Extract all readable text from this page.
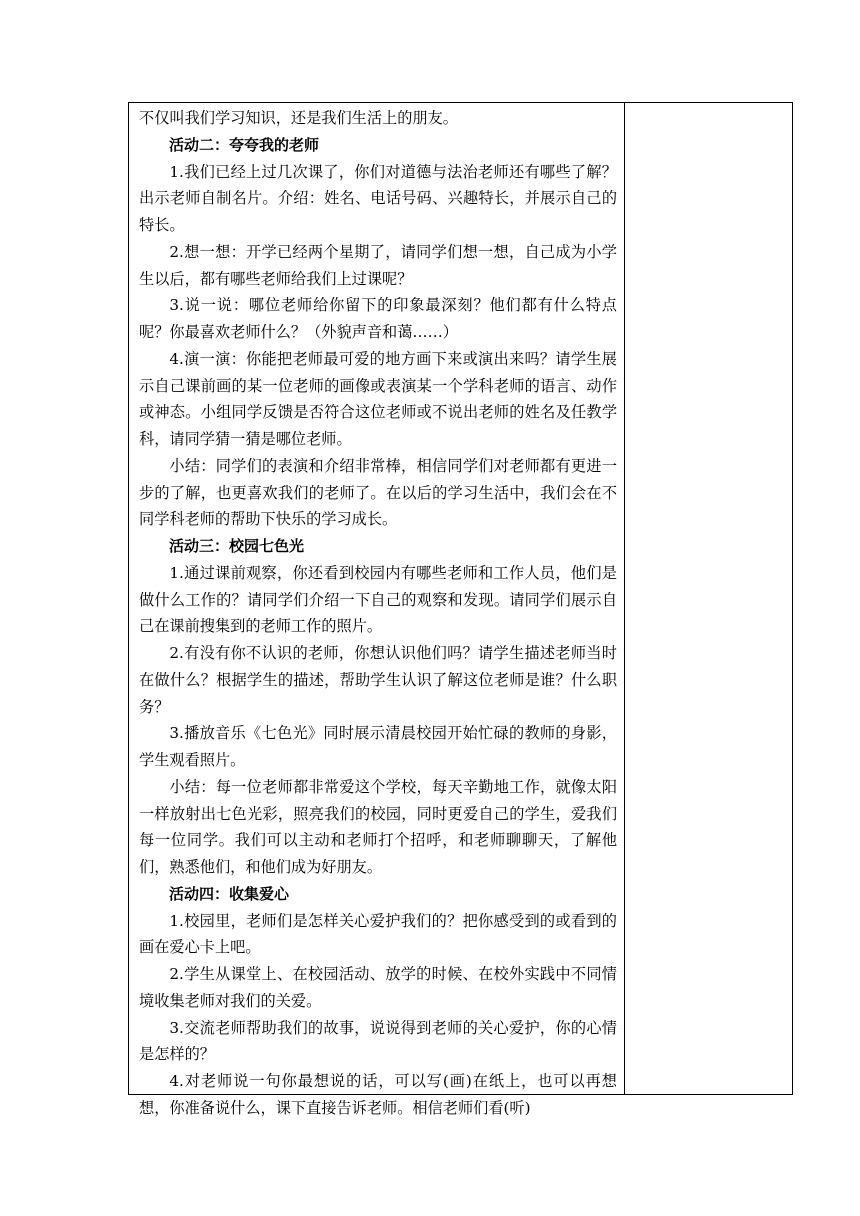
不仅叫我们学习知识，还是我们生活上的朋友。

活动二：夸夸我的老师

1.我们已经上过几次课了，你们对道德与法治老师还有哪些了解？出示老师自制名片。介绍：姓名、电话号码、兴趣特长，并展示自己的特长。

2.想一想：开学已经两个星期了，请同学们想一想，自己成为小学生以后，都有哪些老师给我们上过课呢？

3.说一说：哪位老师给你留下的印象最深刻？他们都有什么特点呢？你最喜欢老师什么？（外貌声音和蔼……）

4.演一演：你能把老师最可爱的地方画下来或演出来吗？请学生展示自己课前画的某一位老师的画像或表演某一个学科老师的语言、动作或神态。小组同学反馈是否符合这位老师或不说出老师的姓名及任教学科，请同学猜一猜是哪位老师。

小结：同学们的表演和介绍非常棒，相信同学们对老师都有更进一步的了解，也更喜欢我们的老师了。在以后的学习生活中，我们会在不同学科老师的帮助下快乐的学习成长。

活动三：校园七色光

1.通过课前观察，你还看到校园内有哪些老师和工作人员，他们是做什么工作的？请同学们介绍一下自己的观察和发现。请同学们展示自己在课前搜集到的老师工作的照片。

2.有没有你不认识的老师，你想认识他们吗？请学生描述老师当时在做什么？根据学生的描述，帮助学生认识了解这位老师是谁？什么职务？

3.播放音乐《七色光》同时展示清晨校园开始忙碌的教师的身影，学生观看照片。

小结：每一位老师都非常爱这个学校，每天辛勤地工作，就像太阳一样放射出七色光彩，照亮我们的校园，同时更爱自己的学生，爱我们每一位同学。我们可以主动和老师打个招呼，和老师聊聊天，了解他们，熟悉他们，和他们成为好朋友。

活动四：收集爱心

1.校园里，老师们是怎样关心爱护我们的？把你感受到的或看到的画在爱心卡上吧。

2.学生从课堂上、在校园活动、放学的时候、在校外实践中不同情境收集老师对我们的关爱。

3.交流老师帮助我们的故事，说说得到老师的关心爱护，你的心情是怎样的？

4.对老师说一句你最想说的话，可以写(画)在纸上，也可以再想想，你准备说什么，课下直接告诉老师。相信老师们看(听)
